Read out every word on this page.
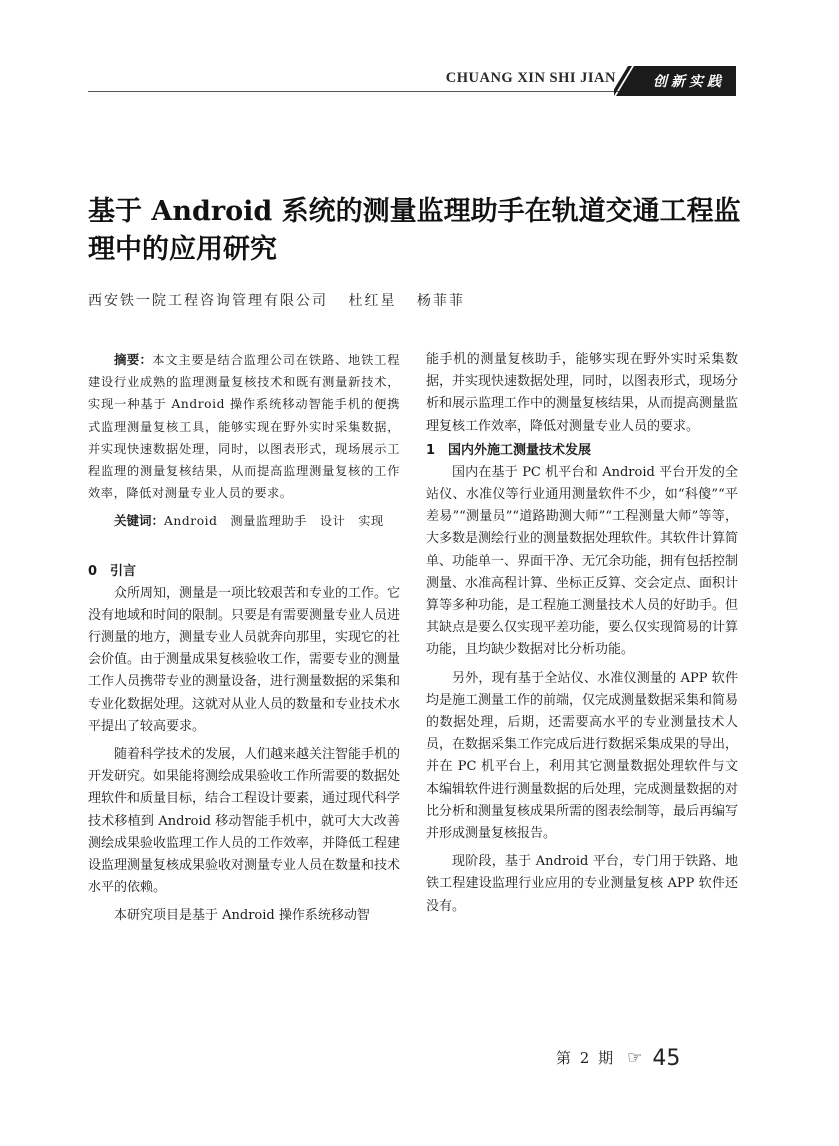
CHUANG XIN SHI JIAN	创新实践
基于 Android 系统的测量监理助手在轨道交通工程监理中的应用研究
西安铁一院工程咨询管理有限公司 杜红星 杨菲菲

摘要：本文主要是结合监理公司在铁路、地铁工程建设行业成熟的监理测量复核技术和既有测量新技术，实现一种基于 Android 操作系统移动智能手机的便携式监理测量复核工具，能够实现在野外实时采集数据，并实现快速数据处理，同时，以图表形式，现场展示工程监理的测量复核结果，从而提高监理测量复核的工作效率，降低对测量专业人员的要求。

关键词：Android　测量监理助手　设计　实现

0　引言

众所周知，测量是一项比较艰苦和专业的工作。它没有地域和时间的限制。只要是有需要测量专业人员进行测量的地方，测量专业人员就奔向那里，实现它的社会价值。由于测量成果复核验收工作，需要专业的测量工作人员携带专业的测量设备，进行测量数据的采集和专业化数据处理。这就对从业人员的数量和专业技术水平提出了较高要求。

随着科学技术的发展，人们越来越关注智能手机的开发研究。如果能将测绘成果验收工作所需要的数据处理软件和质量目标，结合工程设计要素，通过现代科学技术移植到 Android 移动智能手机中，就可大大改善测绘成果验收监理工作人员的工作效率，并降低工程建设监理测量复核成果验收对测量专业人员在数量和技术水平的依赖。

本研究项目是基于 Android 操作系统移动智

能手机的测量复核助手，能够实现在野外实时采集数据，并实现快速数据处理，同时，以图表形式，现场分析和展示监理工作中的测量复核结果，从而提高测量监理复核工作效率，降低对测量专业人员的要求。

1　国内外施工测量技术发展

国内在基于 PC 机平台和 Android 平台开发的全站仪、水准仪等行业通用测量软件不少，如“科傻”“平差易”“测量员”“道路勘测大师”“工程测量大师”等等，大多数是测绘行业的测量数据处理软件。其软件计算简单、功能单一、界面干净、无冗余功能，拥有包括控制测量、水准高程计算、坐标正反算、交会定点、面积计算等多种功能，是工程施工测量技术人员的好助手。但其缺点是要么仅实现平差功能，要么仅实现简易的计算功能，且均缺少数据对比分析功能。

另外，现有基于全站仪、水准仪测量的 APP 软件均是施工测量工作的前端，仅完成测量数据采集和简易的数据处理，后期，还需要高水平的专业测量技术人员，在数据采集工作完成后进行数据采集成果的导出，并在 PC 机平台上，利用其它测量数据处理软件与文本编辑软件进行测量数据的后处理，完成测量数据的对比分析和测量复核成果所需的图表绘制等，最后再编写并形成测量复核报告。

现阶段，基于 Android 平台，专门用于铁路、地铁工程建设监理行业应用的专业测量复核 APP 软件还没有。

第 2 期 ☞ 45
